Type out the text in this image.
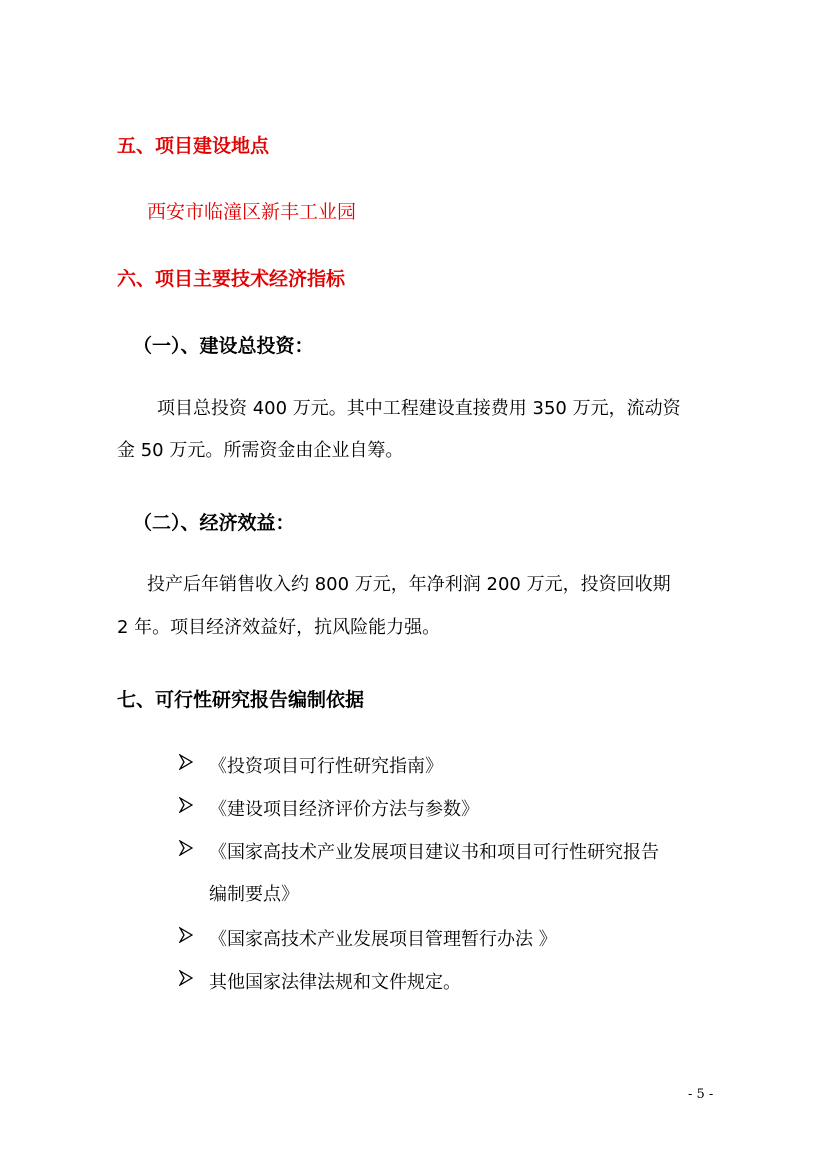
五、项目建设地点
西安市临潼区新丰工业园
六、项目主要技术经济指标
（一）、建设总投资：
项目总投资 400 万元。其中工程建设直接费用 350 万元，流动资
金 50 万元。所需资金由企业自筹。
（二）、经济效益：
投产后年销售收入约 800 万元，年净利润 200 万元，投资回收期
2 年。项目经济效益好，抗风险能力强。
七、可行性研究报告编制依据
《投资项目可行性研究指南》
《建设项目经济评价方法与参数》
《国家高技术产业发展项目建议书和项目可行性研究报告
编制要点》
《国家高技术产业发展项目管理暂行办法 》
其他国家法律法规和文件规定。
- 5 -
